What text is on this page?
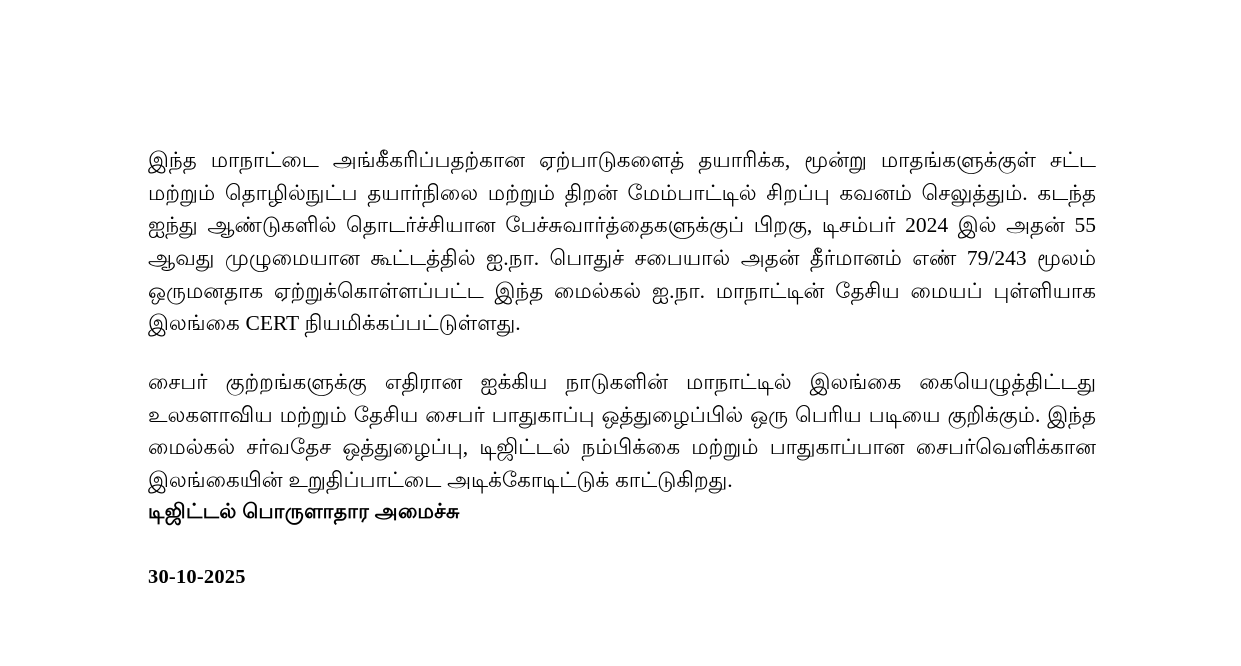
இந்த மாநாட்டை அங்கீகரிப்பதற்கான ஏற்பாடுகளைத் தயாரிக்க, மூன்று மாதங்களுக்குள் சட்ட மற்றும் தொழில்நுட்ப தயார்நிலை மற்றும் திறன் மேம்பாட்டில் சிறப்பு கவனம் செலுத்தும். கடந்த ஐந்து ஆண்டுகளில் தொடர்ச்சியான பேச்சுவார்த்தைகளுக்குப் பிறகு, டிசம்பர் 2024 இல் அதன் 55 ஆவது முழுமையான கூட்டத்தில் ஐ.நா. பொதுச் சபையால் அதன் தீர்மானம் எண் 79/243 மூலம் ஒருமனதாக ஏற்றுக்கொள்ளப்பட்ட இந்த மைல்கல் ஐ.நா. மாநாட்டின் தேசிய மையப் புள்ளியாக இலங்கை CERT நியமிக்கப்பட்டுள்ளது.

சைபர் குற்றங்களுக்கு எதிரான ஐக்கிய நாடுகளின் மாநாட்டில் இலங்கை கையெழுத்திட்டது உலகளாவிய மற்றும் தேசிய சைபர் பாதுகாப்பு ஒத்துழைப்பில் ஒரு பெரிய படியை குறிக்கும். இந்த மைல்கல் சர்வதேச ஒத்துழைப்பு, டிஜிட்டல் நம்பிக்கை மற்றும் பாதுகாப்பான சைபர்வெளிக்கான இலங்கையின் உறுதிப்பாட்டை அடிக்கோடிட்டுக் காட்டுகிறது.

டிஜிட்டல் பொருளாதார அமைச்சு

30-10-2025
